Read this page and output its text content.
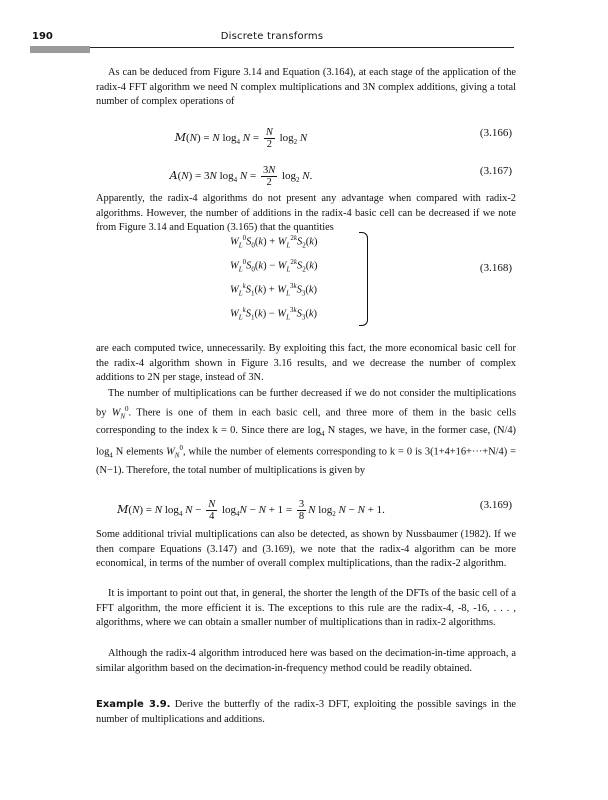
190	Discrete transforms

As can be deduced from Figure 3.14 and Equation (3.164), at each stage of the application of the radix-4 FFT algorithm we need N complex multiplications and 3N complex additions, giving a total number of complex operations of

M(N) = N $\log_4 N = \frac{N}{2} \log_2 N$	(3.166)
A(N) = 3N $\log_4 N = \frac{3N}{2} \log_2 N$.	(3.167)

Apparently, the radix-4 algorithms do not present any advantage when compared with radix-2 algorithms. However, the number of additions in the radix-4 basic cell can be decreased if we note from Figure 3.14 and Equation (3.165) that the quantities

$W_L^0S_0(k) + W_L^{2k}S_2(k)$
$W_L^0S_0(k) - W_L^{2k}S_2(k)$
$W_L^kS_1(k) + W_L^{3k}S_3(k)$
$W_L^kS_1(k) - W_L^{3k}S_3(k)$
(3.168)

are each computed twice, unnecessarily. By exploiting this fact, the more economical basic cell for the radix-4 algorithm shown in Figure 3.16 results, and we decrease the number of complex additions to 2N per stage, instead of 3N.

The number of multiplications can be further decreased if we do not consider the multiplications by $W_N^0$. There is one of them in each basic cell, and three more of them in the basic cells corresponding to the index k = 0. Since there are $\log_4 N$ stages, we have, in the former case, (N/4) $\log_4 N$ elements $W_N^0$, while the number of elements corresponding to k = 0 is 3(1+4+16+···+N/4) = (N−1). Therefore, the total number of multiplications is given by

M(N) = N $\log_4 N - \frac{N}{4} \log_4N - N + 1 = \frac{3}{8}$ N $\log_2 N - N + 1$.	(3.169)

Some additional trivial multiplications can also be detected, as shown by Nussbaumer (1982). If we then compare Equations (3.147) and (3.169), we note that the radix-4 algorithm can be more economical, in terms of the number of overall complex multiplications, than the radix-2 algorithm.

It is important to point out that, in general, the shorter the length of the DFTs of the basic cell of a FFT algorithm, the more efficient it is. The exceptions to this rule are the radix-4, -8, -16, . . . , algorithms, where we can obtain a smaller number of multiplications than in radix-2 algorithms.

Although the radix-4 algorithm introduced here was based on the decimation-in-time approach, a similar algorithm based on the decimation-in-frequency method could be readily obtained.

Example 3.9. Derive the butterfly of the radix-3 DFT, exploiting the possible savings in the number of multiplications and additions.
